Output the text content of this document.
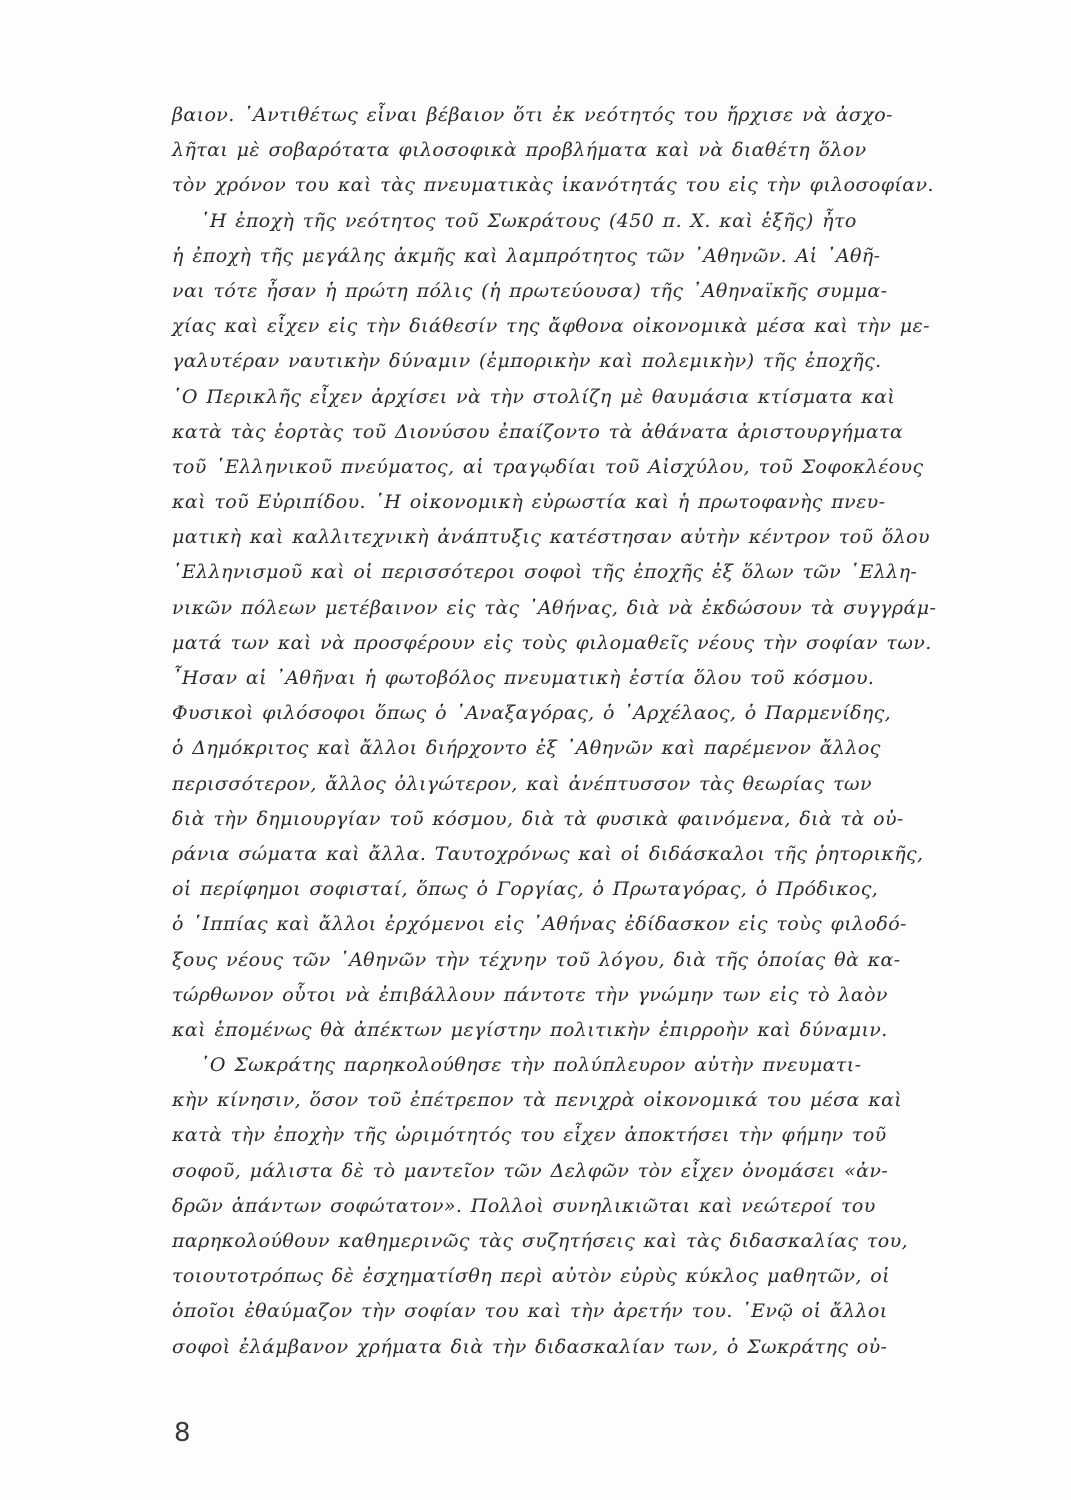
βαιον. ᾿Αντιθέτως εἶναι βέβαιον ὅτι ἐκ νεότητός του ἤρχισε νὰ ἀσχο-
λῆται μὲ σοβαρότατα φιλοσοφικὰ προβλήματα καὶ νὰ διαθέτη ὅλον
τὸν χρόνον του καὶ τὰς πνευματικὰς ἱκανότητάς του εἰς τὴν φιλοσοφίαν.
῾Η ἐποχὴ τῆς νεότητος τοῦ Σωκράτους (450 π. Χ. καὶ ἑξῆς) ἦτο
ἡ ἐποχὴ τῆς μεγάλης ἀκμῆς καὶ λαμπρότητος τῶν ᾿Αθηνῶν. Αἱ ᾿Αθῆ-
ναι τότε ἦσαν ἡ πρώτη πόλις (ἡ πρωτεύουσα) τῆς ᾿Αθηναϊκῆς συμμα-
χίας καὶ εἶχεν εἰς τὴν διάθεσίν της ἄφθονα οἰκονομικὰ μέσα καὶ τὴν με-
γαλυτέραν ναυτικὴν δύναμιν (ἐμπορικὴν καὶ πολεμικὴν) τῆς ἐποχῆς.
῾Ο Περικλῆς εἶχεν ἀρχίσει νὰ τὴν στολίζη μὲ θαυμάσια κτίσματα καὶ
κατὰ τὰς ἑορτὰς τοῦ Διονύσου ἐπαίζοντο τὰ ἀθάνατα ἀριστουργήματα
τοῦ ῾Ελληνικοῦ πνεύματος, αἱ τραγῳδίαι τοῦ Αἰσχύλου, τοῦ Σοφοκλέους
καὶ τοῦ Εὐριπίδου. ῾Η οἰκονομικὴ εὐρωστία καὶ ἡ πρωτοφανὴς πνευ-
ματικὴ καὶ καλλιτεχνικὴ ἀνάπτυξις κατέστησαν αὐτὴν κέντρον τοῦ ὅλου
῾Ελληνισμοῦ καὶ οἱ περισσότεροι σοφοὶ τῆς ἐποχῆς ἐξ ὅλων τῶν ῾Ελλη-
νικῶν πόλεων μετέβαινον εἰς τὰς ᾿Αθήνας, διὰ νὰ ἐκδώσουν τὰ συγγράμ-
ματά των καὶ νὰ προσφέρουν εἰς τοὺς φιλομαθεῖς νέους τὴν σοφίαν των.
῏Ησαν αἱ ᾿Αθῆναι ἡ φωτοβόλος πνευματικὴ ἑστία ὅλου τοῦ κόσμου.
Φυσικοὶ φιλόσοφοι ὅπως ὁ ᾿Αναξαγόρας, ὁ ᾿Αρχέλαος, ὁ Παρμενίδης,
ὁ Δημόκριτος καὶ ἄλλοι διήρχοντο ἐξ ᾿Αθηνῶν καὶ παρέμενον ἄλλος
περισσότερον, ἄλλος ὀλιγώτερον, καὶ ἀνέπτυσσον τὰς θεωρίας των
διὰ τὴν δημιουργίαν τοῦ κόσμου, διὰ τὰ φυσικὰ φαινόμενα, διὰ τὰ οὐ-
ράνια σώματα καὶ ἄλλα. Ταυτοχρόνως καὶ οἱ διδάσκαλοι τῆς ῥητορικῆς,
οἱ περίφημοι σοφισταί, ὅπως ὁ Γοργίας, ὁ Πρωταγόρας, ὁ Πρόδικος,
ὁ ῾Ιππίας καὶ ἄλλοι ἐρχόμενοι εἰς ᾿Αθήνας ἐδίδασκον εἰς τοὺς φιλοδό-
ξους νέους τῶν ᾿Αθηνῶν τὴν τέχνην τοῦ λόγου, διὰ τῆς ὁποίας θὰ κα-
τώρθωνον οὗτοι νὰ ἐπιβάλλουν πάντοτε τὴν γνώμην των εἰς τὸ λαὸν
καὶ ἑπομένως θὰ ἀπέκτων μεγίστην πολιτικὴν ἐπιρροὴν καὶ δύναμιν.
῾Ο Σωκράτης παρηκολούθησε τὴν πολύπλευρον αὐτὴν πνευματι-
κὴν κίνησιν, ὅσον τοῦ ἐπέτρεπον τὰ πενιχρὰ οἰκονομικά του μέσα καὶ
κατὰ τὴν ἐποχὴν τῆς ὡριμότητός του εἶχεν ἀποκτήσει τὴν φήμην τοῦ
σοφοῦ, μάλιστα δὲ τὸ μαντεῖον τῶν Δελφῶν τὸν εἶχεν ὀνομάσει «ἀν-
δρῶν ἁπάντων σοφώτατον». Πολλοὶ συνηλικιῶται καὶ νεώτεροί του
παρηκολούθουν καθημερινῶς τὰς συζητήσεις καὶ τὰς διδασκαλίας του,
τοιουτοτρόπως δὲ ἐσχηματίσθη περὶ αὐτὸν εὐρὺς κύκλος μαθητῶν, οἱ
ὁποῖοι ἐθαύμαζον τὴν σοφίαν του καὶ τὴν ἀρετήν του. ᾿Ενῷ οἱ ἄλλοι
σοφοὶ ἐλάμβανον χρήματα διὰ τὴν διδασκαλίαν των, ὁ Σωκράτης οὐ-
8
